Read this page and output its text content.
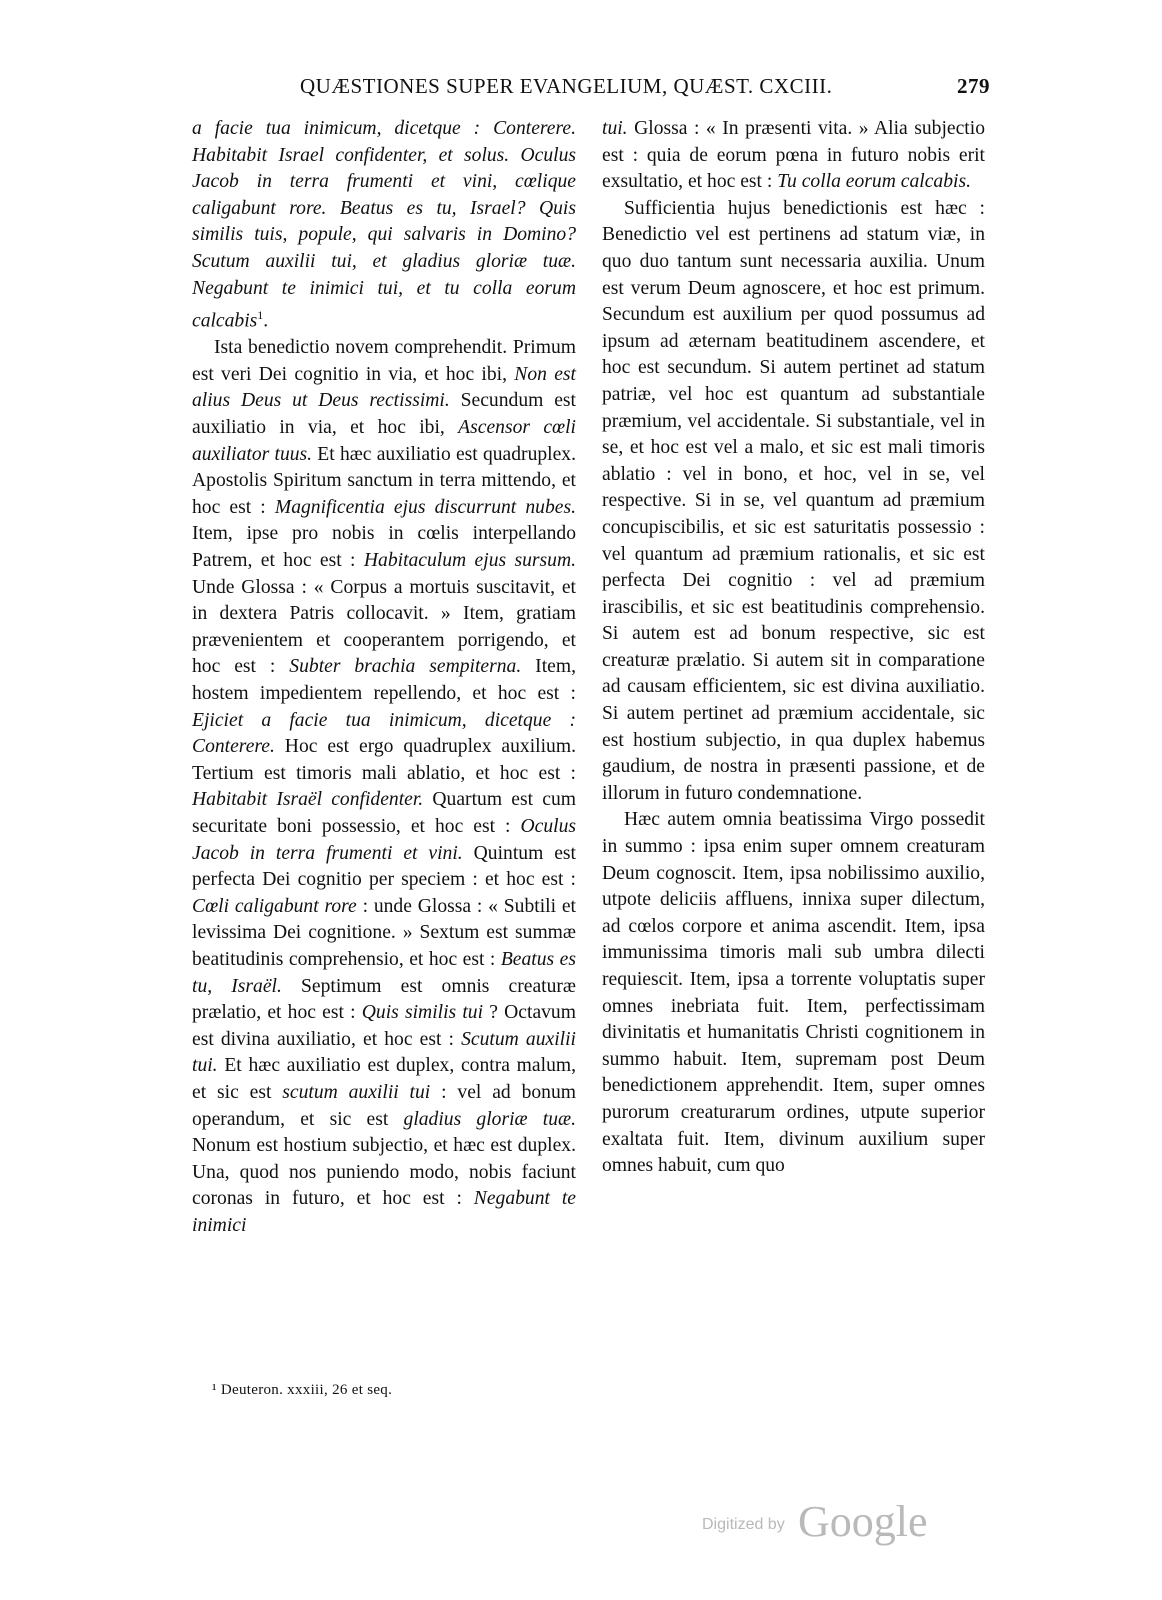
QUÆSTIONES SUPER EVANGELIUM, QUÆST. CXCIII.	279

a facie tua inimicum, dicetque : Conterere. Habitabit Israel confidenter, et solus. Oculus Jacob in terra frumenti et vini, cœlique caligabunt rore. Beatus es tu, Israel? Quis similis tuis, popule, qui salvaris in Domino? Scutum auxilii tui, et gladius gloriæ tuæ. Negabunt te inimici tui, et tu colla eorum calcabis$^1$.

Ista benedictio novem comprehendit. Primum est veri Dei cognitio in via, et hoc ibi, Non est alius Deus ut Deus rectissimi. Secundum est auxiliatio in via, et hoc ibi, Ascensor cœli auxiliator tuus. Et hæc auxiliatio est quadruplex. Apostolis Spiritum sanctum in terra mittendo, et hoc est : Magnificentia ejus discurrunt nubes. Item, ipse pro nobis in cœlis interpellando Patrem, et hoc est : Habitaculum ejus sursum. Unde Glossa : « Corpus a mortuis suscitavit, et in dextera Patris collocavit. » Item, gratiam prævenientem et cooperantem porrigendo, et hoc est : Subter brachia sempiterna. Item, hostem impedientem repellendo, et hoc est : Ejiciet a facie tua inimicum, dicetque : Conterere. Hoc est ergo quadruplex auxilium. Tertium est timoris mali ablatio, et hoc est : Habitabit Israël confidenter. Quartum est cum securitate boni possessio, et hoc est : Oculus Jacob in terra frumenti et vini. Quintum est perfecta Dei cognitio per speciem : et hoc est : Cœli caligabunt rore : unde Glossa : « Subtili et levissima Dei cognitione. » Sextum est summæ beatitudinis comprehensio, et hoc est : Beatus es tu, Israël. Septimum est omnis creaturæ prælatio, et hoc est : Quis similis tui ? Octavum est divina auxiliatio, et hoc est : Scutum auxilii tui. Et hæc auxiliatio est duplex, contra malum, et sic est scutum auxilii tui : vel ad bonum operandum, et sic est gladius gloriæ tuæ. Nonum est hostium subjectio, et hæc est duplex. Una, quod nos puniendo modo, nobis faciunt coronas in futuro, et hoc est : Negabunt te inimici

tui. Glossa : « In præsenti vita. » Alia subjectio est : quia de eorum pœna in futuro nobis erit exsultatio, et hoc est : Tu colla eorum calcabis.

Sufficientia hujus benedictionis est hæc : Benedictio vel est pertinens ad statum viæ, in quo duo tantum sunt necessaria auxilia. Unum est verum Deum agnoscere, et hoc est primum. Secundum est auxilium per quod possumus ad ipsum ad æternam beatitudinem ascendere, et hoc est secundum. Si autem pertinet ad statum patriæ, vel hoc est quantum ad substantiale præmium, vel accidentale. Si substantiale, vel in se, et hoc est vel a malo, et sic est mali timoris ablatio : vel in bono, et hoc, vel in se, vel respective. Si in se, vel quantum ad præmium concupiscibilis, et sic est saturitatis possessio : vel quantum ad præmium rationalis, et sic est perfecta Dei cognitio : vel ad præmium irascibilis, et sic est beatitudinis comprehensio. Si autem est ad bonum respective, sic est creaturæ prælatio. Si autem sit in comparatione ad causam efficientem, sic est divina auxiliatio. Si autem pertinet ad præmium accidentale, sic est hostium subjectio, in qua duplex habemus gaudium, de nostra in præsenti passione, et de illorum in futuro condemnatione.

Hæc autem omnia beatissima Virgo possedit in summo : ipsa enim super omnem creaturam Deum cognoscit. Item, ipsa nobilissimo auxilio, utpote deliciis affluens, innixa super dilectum, ad cœlos corpore et anima ascendit. Item, ipsa immunissima timoris mali sub umbra dilecti requiescit. Item, ipsa a torrente voluptatis super omnes inebriata fuit. Item, perfectissimam divinitatis et humanitatis Christi cognitionem in summo habuit. Item, supremam post Deum benedictionem apprehendit. Item, super omnes purorum creaturarum ordines, utpute superior exaltata fuit. Item, divinum auxilium super omnes habuit, cum quo

¹ Deuteron. xxxiii, 26 et seq.
Digitized by Google
